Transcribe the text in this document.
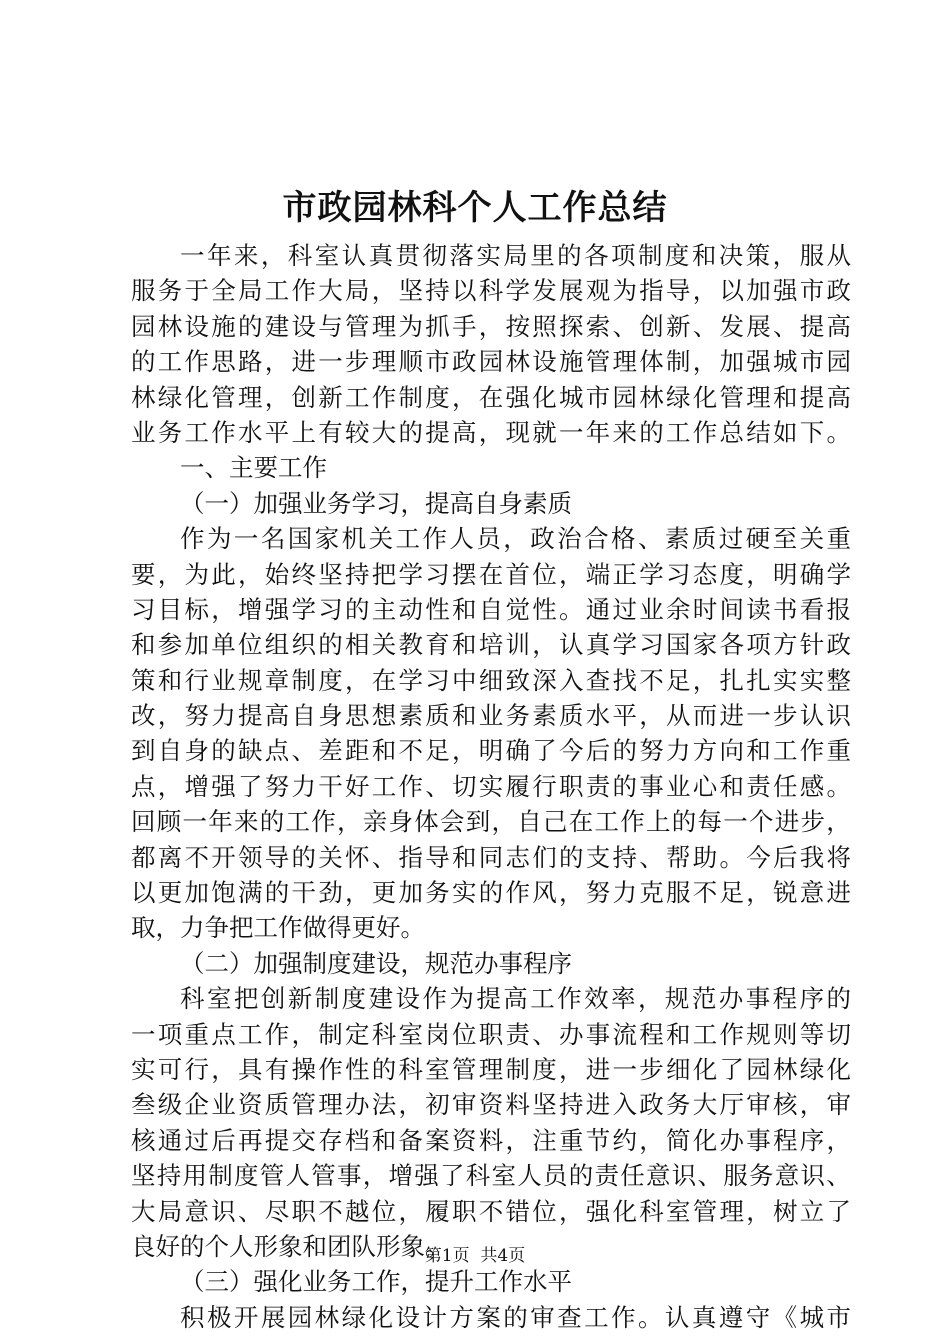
市政园林科个人工作总结
一 年 来 ， 科 室 认 真 贯 彻 落 实 局 里 的 各 项 制 度 和 决 策 ， 服 从
服 务 于 全 局 工 作 大 局 ， 坚 持 以 科 学 发 展 观 为 指 导 ， 以 加 强 市 政
园 林 设 施 的 建 设 与 管 理 为 抓 手 ， 按 照 探 索 、 创 新 、 发 展 、 提 高
的 工 作 思 路 ， 进 一 步 理 顺 市 政 园 林 设 施 管 理 体 制 ， 加 强 城 市 园
林 绿 化 管 理 ， 创 新 工 作 制 度 ， 在 强 化 城 市 园 林 绿 化 管 理 和 提 高
业 务 工 作 水 平 上 有 较 大 的 提 高 ， 现 就 一 年 来 的 工 作 总 结 如 下 。
一、主要工作
（一）加强业务学习，提高自身素质
作 为 一 名 国 家 机 关 工 作 人 员 ， 政 治 合 格 、 素 质 过 硬 至 关 重
要 ， 为 此 ， 始 终 坚 持 把 学 习 摆 在 首 位 ， 端 正 学 习 态 度 ， 明 确 学
习 目 标 ， 增 强 学 习 的 主 动 性 和 自 觉 性 。 通 过 业 余 时 间 读 书 看 报
和 参 加 单 位 组 织 的 相 关 教 育 和 培 训 ， 认 真 学 习 国 家 各 项 方 针 政
策 和 行 业 规 章 制 度 ， 在 学 习 中 细 致 深 入 查 找 不 足 ， 扎 扎 实 实 整
改 ， 努 力 提 高 自 身 思 想 素 质 和 业 务 素 质 水 平 ， 从 而 进 一 步 认 识
到 自 身 的 缺 点 、 差 距 和 不 足 ， 明 确 了 今 后 的 努 力 方 向 和 工 作 重
点 ， 增 强 了 努 力 干 好 工 作 、 切 实 履 行 职 责 的 事 业 心 和 责 任 感 。
回 顾 一 年 来 的 工 作 ， 亲 身 体 会 到 ， 自 己 在 工 作 上 的 每 一 个 进 步 ，
都 离 不 开 领 导 的 关 怀 、 指 导 和 同 志 们 的 支 持 、 帮 助 。 今 后 我 将
以 更 加 饱 满 的 干 劲 ， 更 加 务 实 的 作 风 ， 努 力 克 服 不 足 ， 锐 意 进
取，力争把工作做得更好。
（二）加强制度建设，规范办事程序
科 室 把 创 新 制 度 建 设 作 为 提 高 工 作 效 率 ， 规 范 办 事 程 序 的
一 项 重 点 工 作 ， 制 定 科 室 岗 位 职 责 、 办 事 流 程 和 工 作 规 则 等 切
实 可 行 ， 具 有 操 作 性 的 科 室 管 理 制 度 ， 进 一 步 细 化 了 园 林 绿 化
叁 级 企 业 资 质 管 理 办 法 ， 初 审 资 料 坚 持 进 入 政 务 大 厅 审 核 ， 审
核 通 过 后 再 提 交 存 档 和 备 案 资 料 ， 注 重 节 约 ， 简 化 办 事 程 序 ，
坚 持 用 制 度 管 人 管 事 ， 增 强 了 科 室 人 员 的 责 任 意 识 、 服 务 意 识 、
大 局 意 识 、 尽 职 不 越 位 ， 履 职 不 错 位 ， 强 化 科 室 管 理 ， 树 立 了
良好的个人形象和团队形象。
（三）强化业务工作，提升工作水平
积 极 开 展 园 林 绿 化 设 计 方 案 的 审 查 工 作 。 认 真 遵 守 《 城 市
第1页  共4页
